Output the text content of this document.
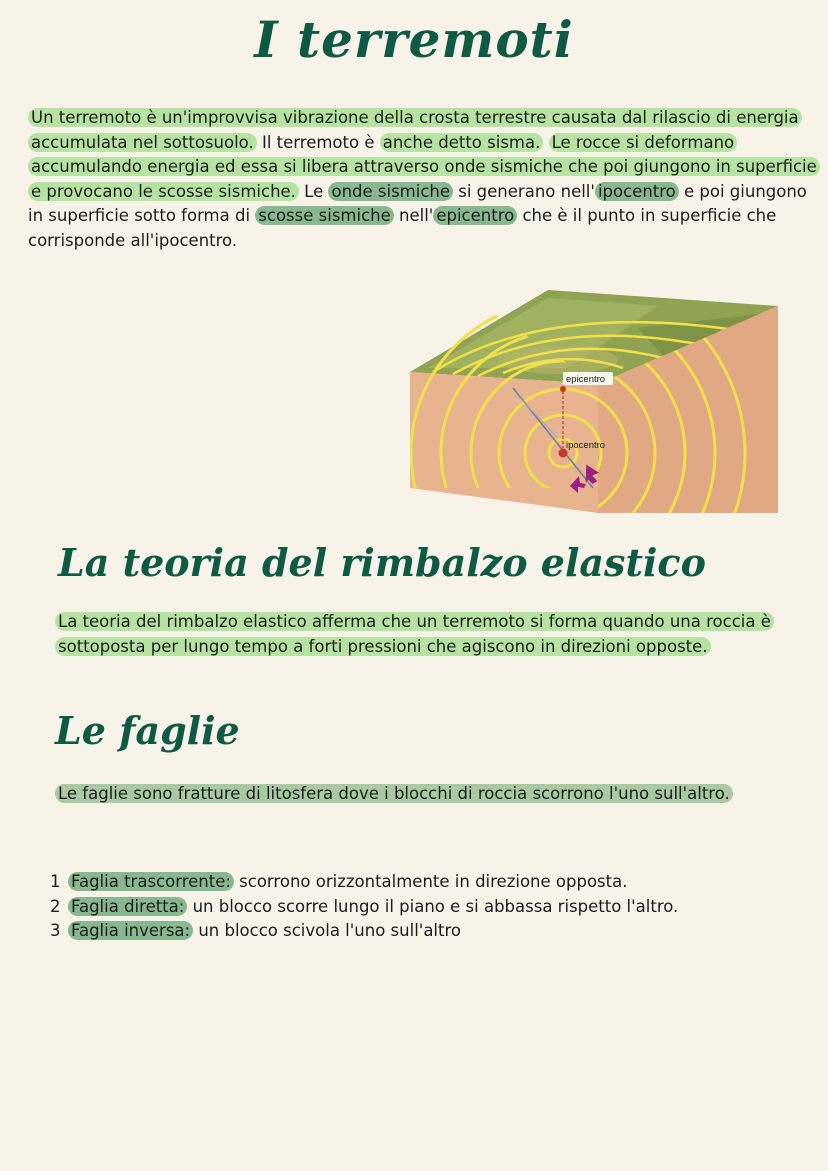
I terremoti

Un terremoto è un'improvvisa vibrazione della crosta terrestre causata dal rilascio di energia accumulata nel sottosuolo. Il terremoto è anche detto sisma. Le rocce si deformano accumulando energia ed essa si libera attraverso onde sismiche che poi giungono in superficie e provocano le scosse sismiche. Le onde sismiche si generano nell' ipocentro e poi giungono in superficie sotto forma di scosse sismiche nell' epicentro che è il punto in superficie che corrisponde all'ipocentro.

epicentro
ipocentro
La teoria del rimbalzo elastico

La teoria del rimbalzo elastico afferma che un terremoto si forma quando una roccia è sottoposta per lungo tempo a forti pressioni che agiscono in direzioni opposte.

Le faglie

Le faglie sono fratture di litosfera dove i blocchi di roccia scorrono l'uno sull'altro.

1 Faglia trascorrente: scorrono orizzontalmente in direzione opposta.
2 Faglia diretta: un blocco scorre lungo il piano e si abbassa rispetto l'altro.
3 Faglia inversa: un blocco scivola l'uno sull'altro
